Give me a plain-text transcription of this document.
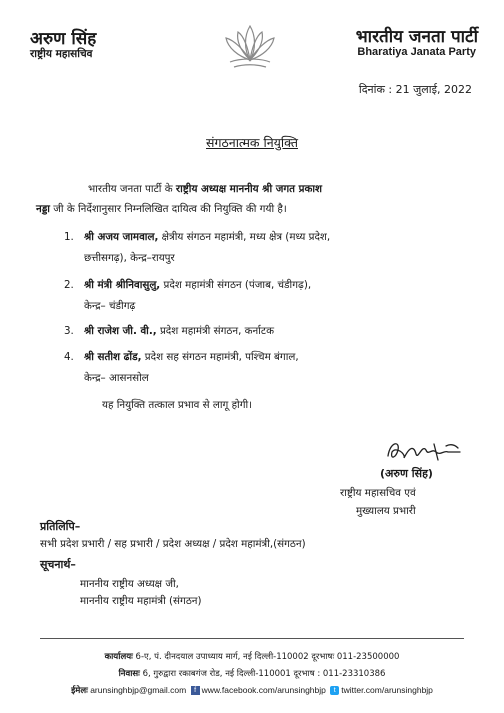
अरुण सिंह
राष्ट्रीय महासचिव
भारतीय जनता पार्टी
Bharatiya Janata Party
दिनांक : 21 जुलाई, 2022
संगठनात्मक नियुक्ति
भारतीय जनता पार्टी के राष्ट्रीय अध्यक्ष माननीय श्री जगत प्रकाश
नड्डा जी के निर्देशानुसार निम्नलिखित दायित्व की नियुक्ति की गयी है।
1. श्री अजय जामवाल, क्षेत्रीय संगठन महामंत्री, मध्य क्षेत्र (मध्य प्रदेश,
छत्तीसगढ़), केन्द्र–रायपुर
2. श्री मंत्री श्रीनिवासुलु, प्रदेश महामंत्री संगठन (पंजाब, चंडीगढ़),
केन्द्र– चंडीगढ़
3. श्री राजेश जी. वी., प्रदेश महामंत्री संगठन, कर्नाटक
4. श्री सतीश ढोंड, प्रदेश सह संगठन महामंत्री, पश्चिम बंगाल,
केन्द्र– आसनसोल
यह नियुक्ति तत्काल प्रभाव से लागू होगी।
(अरुण सिंह)
राष्ट्रीय महासचिव एवं
मुख्यालय प्रभारी
प्रतिलिपि–
सभी प्रदेश प्रभारी / सह प्रभारी / प्रदेश अध्यक्ष / प्रदेश महामंत्री,(संगठन)
सूचनार्थ–
माननीय राष्ट्रीय अध्यक्ष जी,
माननीय राष्ट्रीय महामंत्री (संगठन)
कार्यालयः 6-ए, पं. दीनदयाल उपाध्याय मार्ग, नई दिल्ली-110002 दूरभाषः 011-23500000
निवासः 6, गुरुद्वारा रकाबगंज रोड, नई दिल्ली-110001 दूरभाष : 011-23310386
ईमेलः arunsinghbjp@gmail.com f www.facebook.com/arunsinghbjp t twitter.com/arunsinghbjp
